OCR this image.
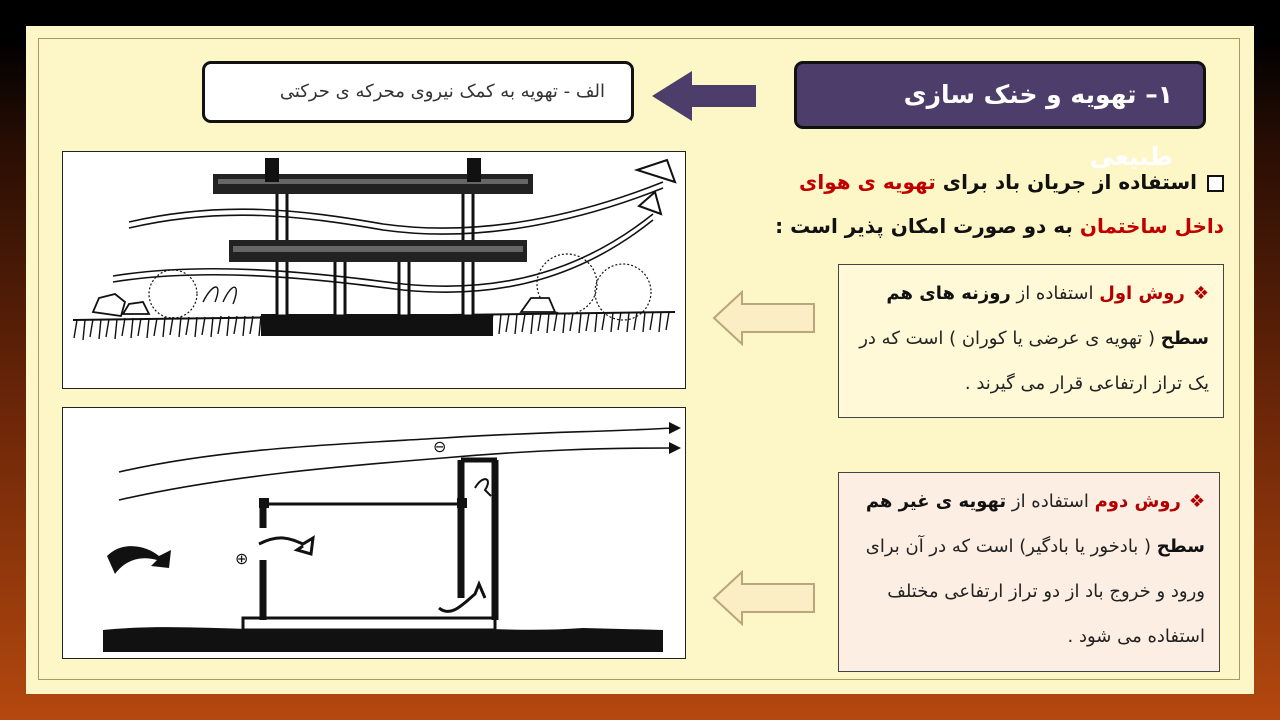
۱– تهویه و خنک سازی طبیعی
الف - تهویه به کمک نیروی محرکه ی حرکتی
⊖
⊕
استفاده از جریان باد برای تهویه ی هوای داخل ساختمان به دو صورت امکان پذیر است :
❖روش اول استفاده از روزنه های هم سطح ( تهویه ی عرضی یا کوران ) است که در یک تراز ارتفاعی قرار می گیرند .
❖روش دوم استفاده از تهویه ی غیر هم سطح ( بادخور یا بادگیر) است که در آن برای ورود و خروج باد از دو تراز ارتفاعی مختلف استفاده می شود .
